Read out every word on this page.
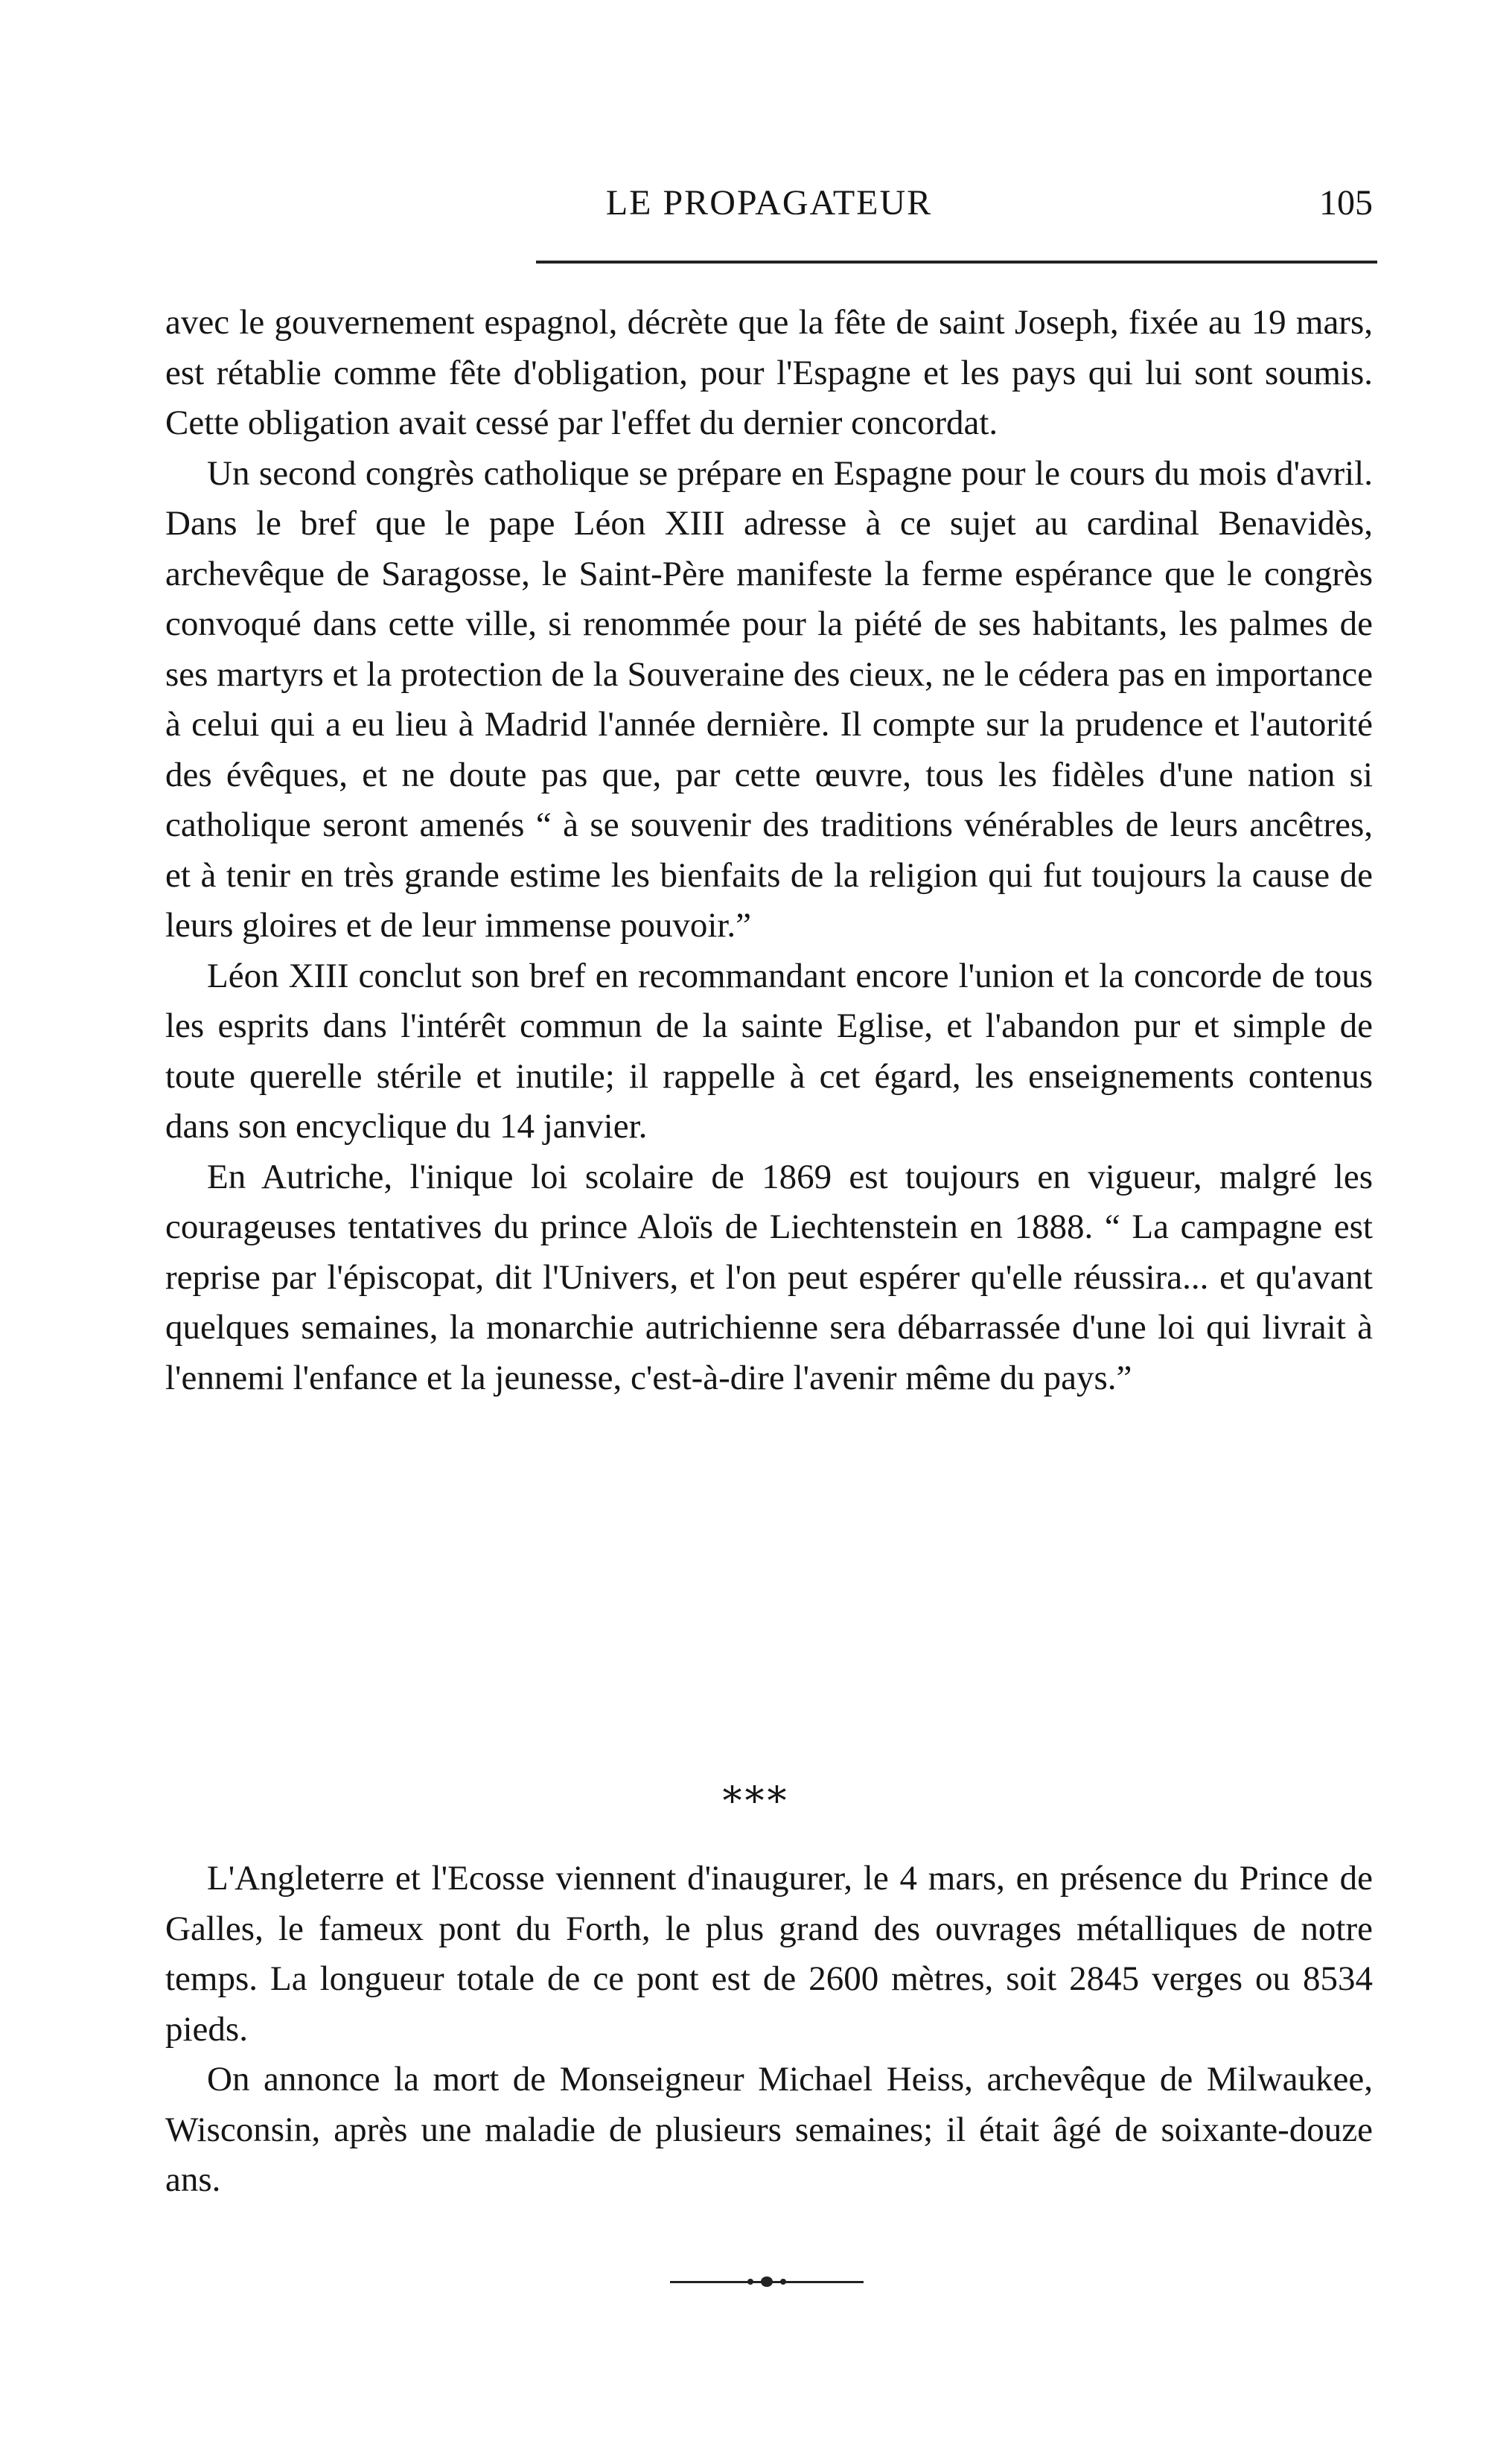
LE PROPAGATEUR	105

avec le gouvernement espagnol, décrète que la fête de saint Joseph, fixée au 19 mars, est rétablie comme fête d'obligation, pour l'Espagne et les pays qui lui sont soumis. Cette obligation avait cessé par l'effet du dernier concordat.

Un second congrès catholique se prépare en Espagne pour le cours du mois d'avril. Dans le bref que le pape Léon XIII adresse à ce sujet au cardinal Benavidès, archevêque de Saragosse, le Saint-Père manifeste la ferme espérance que le congrès convoqué dans cette ville, si renommée pour la piété de ses habitants, les palmes de ses martyrs et la protection de la Souveraine des cieux, ne le cédera pas en importance à celui qui a eu lieu à Madrid l'année dernière. Il compte sur la prudence et l'autorité des évêques, et ne doute pas que, par cette œuvre, tous les fidèles d'une nation si catholique seront amenés “ à se souvenir des traditions vénérables de leurs ancêtres, et à tenir en très grande estime les bienfaits de la religion qui fut toujours la cause de leurs gloires et de leur immense pouvoir.”

Léon XIII conclut son bref en recommandant encore l'union et la concorde de tous les esprits dans l'intérêt commun de la sainte Eglise, et l'abandon pur et simple de toute querelle stérile et inutile; il rappelle à cet égard, les enseignements contenus dans son encyclique du 14 janvier.

En Autriche, l'inique loi scolaire de 1869 est toujours en vigueur, malgré les courageuses tentatives du prince Aloïs de Liechtenstein en 1888. “ La campagne est reprise par l'épiscopat, dit l'Univers, et l'on peut espérer qu'elle réussira... et qu'avant quelques semaines, la monarchie autrichienne sera débarrassée d'une loi qui livrait à l'ennemi l'enfance et la jeunesse, c'est-à-dire l'avenir même du pays.”

***

L'Angleterre et l'Ecosse viennent d'inaugurer, le 4 mars, en présence du Prince de Galles, le fameux pont du Forth, le plus grand des ouvrages métalliques de notre temps. La longueur totale de ce pont est de 2600 mètres, soit 2845 verges ou 8534 pieds.

On annonce la mort de Monseigneur Michael Heiss, archevêque de Milwaukee, Wisconsin, après une maladie de plusieurs semaines; il était âgé de soixante-douze ans.
